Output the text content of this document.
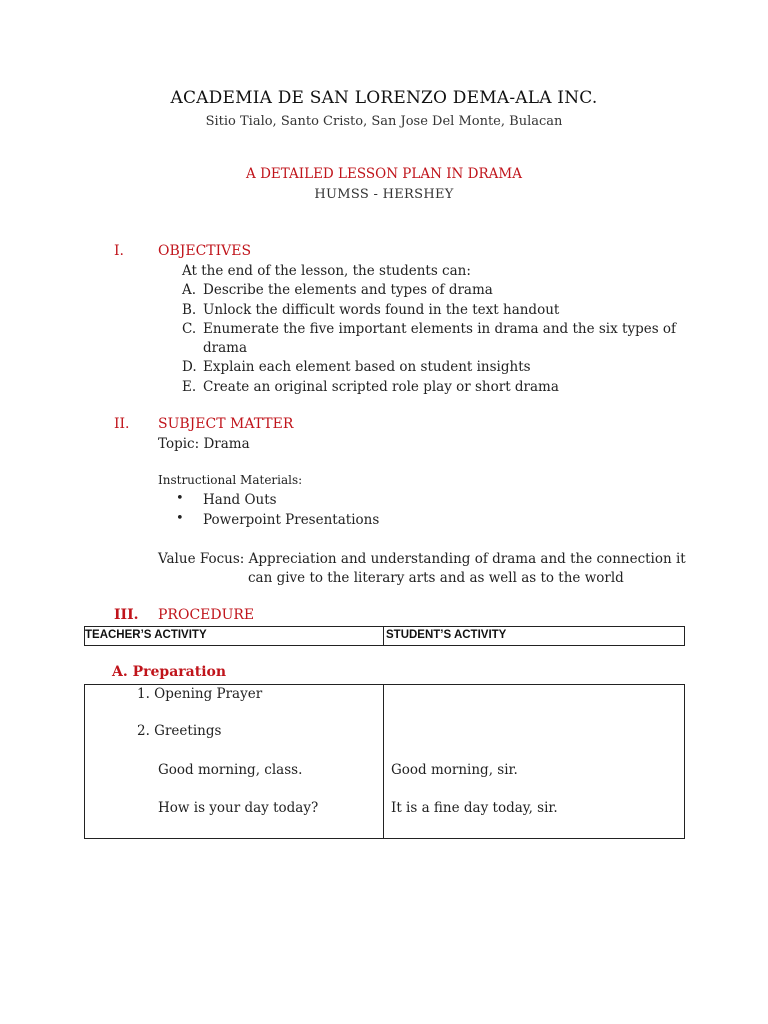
ACADEMIA DE SAN LORENZO DEMA-ALA INC.
Sitio Tialo, Santo Cristo, San Jose Del Monte, Bulacan
A DETAILED LESSON PLAN IN DRAMA
HUMSS - HERSHEY
I. OBJECTIVES
At the end of the lesson, the students can:
A. Describe the elements and types of drama
B. Unlock the difficult words found in the text handout
C. Enumerate the five important elements in drama and the six types of
drama
D. Explain each element based on student insights
E. Create an original scripted role play or short drama
II. SUBJECT MATTER
Topic: Drama
Instructional Materials:
• Hand Outs
• Powerpoint Presentations
Value Focus: Appreciation and understanding of drama and the connection it
can give to the literary arts and as well as to the world
III. PROCEDURE
TEACHER’S ACTIVITY	STUDENT’S ACTIVITY
A. Preparation
1. Opening Prayer
2. Greetings
Good morning, class.	Good morning, sir.
How is your day today?	It is a fine day today, sir.
